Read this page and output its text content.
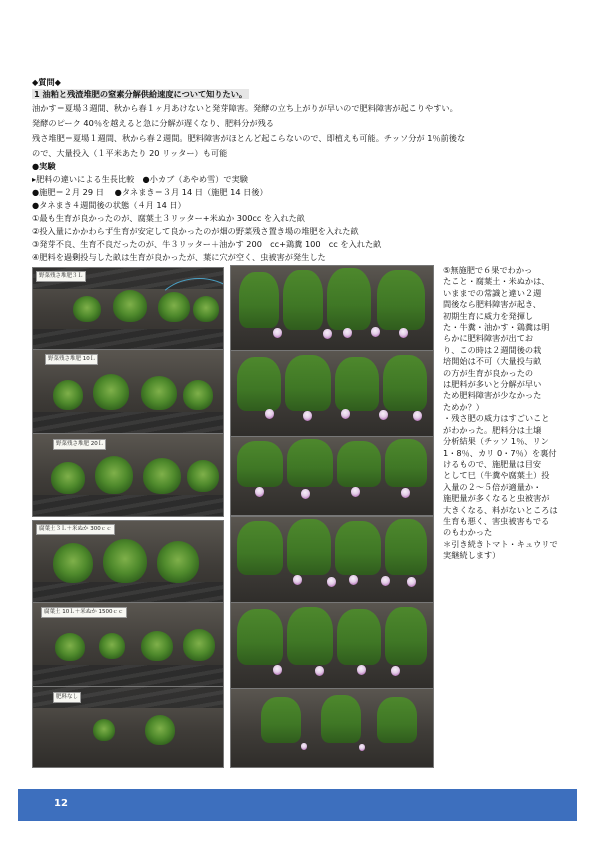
◆質問◆
1 油粕と残渣堆肥の窒素分解供給速度について知りたい。
油かす＝夏場３週間、秋から春１ヶ月あけないと発芽障害。発酵の立ち上がりが早いので肥料障害が起こりやすい。
発酵のピーク 40％を越えると急に分解が遅くなり、肥料分が残る
残さ堆肥＝夏場１週間、秋から春２週間。肥料障害がほとんど起こらないので、即植えも可能。チッソ分が 1％前後な
ので、大量投入（１平米あたり 20 リッター）も可能
●実験
▸肥料の違いによる生長比較　●小カブ（あやめ雪）で実験
●施肥＝２月 29 日　 ●タネまき＝３月 14 日（施肥 14 日後）
●タネまき４週間後の状態（４月 14 日）
①最も生育が良かったのが、腐葉土３リッター+米ぬか 300cc を入れた畝
②投入量にかかわらず生育が安定して良かったのが畑の野菜残さ置き場の堆肥を入れた畝
③発芽不良、生育不良だったのが、牛３リッター＋油かす 200　cc+鶏糞 100　cc を入れた畝
④肥料を過剰投与した畝は生育が良かったが、葉に穴が空く、虫被害が発生した
野菜残さ堆肥３Ｌ
野菜残さ堆肥 10Ｌ
野菜残さ堆肥 20Ｌ
腐葉土３Ｌ＋米ぬか 300ｃｃ
腐葉土 10Ｌ＋米ぬか 1500ｃｃ
肥料なし
⑤無施肥で６果でわかっ
たこと・腐葉土・米ぬかは、
いままでの常識と違い２週
間後なら肥料障害が起き、
初期生育に威力を発揮し
た・牛糞・油かす・鶏糞は明
らかに肥料障害が出てお
り、この時は２週間後の栽
培開始は不可（大量投与畝
の方が生育が良かったの
は肥料が多いと分解が早い
ため肥料障害が少なかった
ためか？）
・残さ肥の威力はすごいこと
がわかった。肥料分は土壌
分析結果（チッソ 1％、リン
1・8％、カリ 0・7％）を裏付
けるもので、施肥量は目安
として巳（牛糞や腐葉土）投
入量の２～５倍が適量か・
施肥量が多くなると虫被害が
大きくなる、料がないところは
生育も悪く、害虫被害もでる
のもわかった
＊引き続きトマト・キュウリで
実継続します）
12
